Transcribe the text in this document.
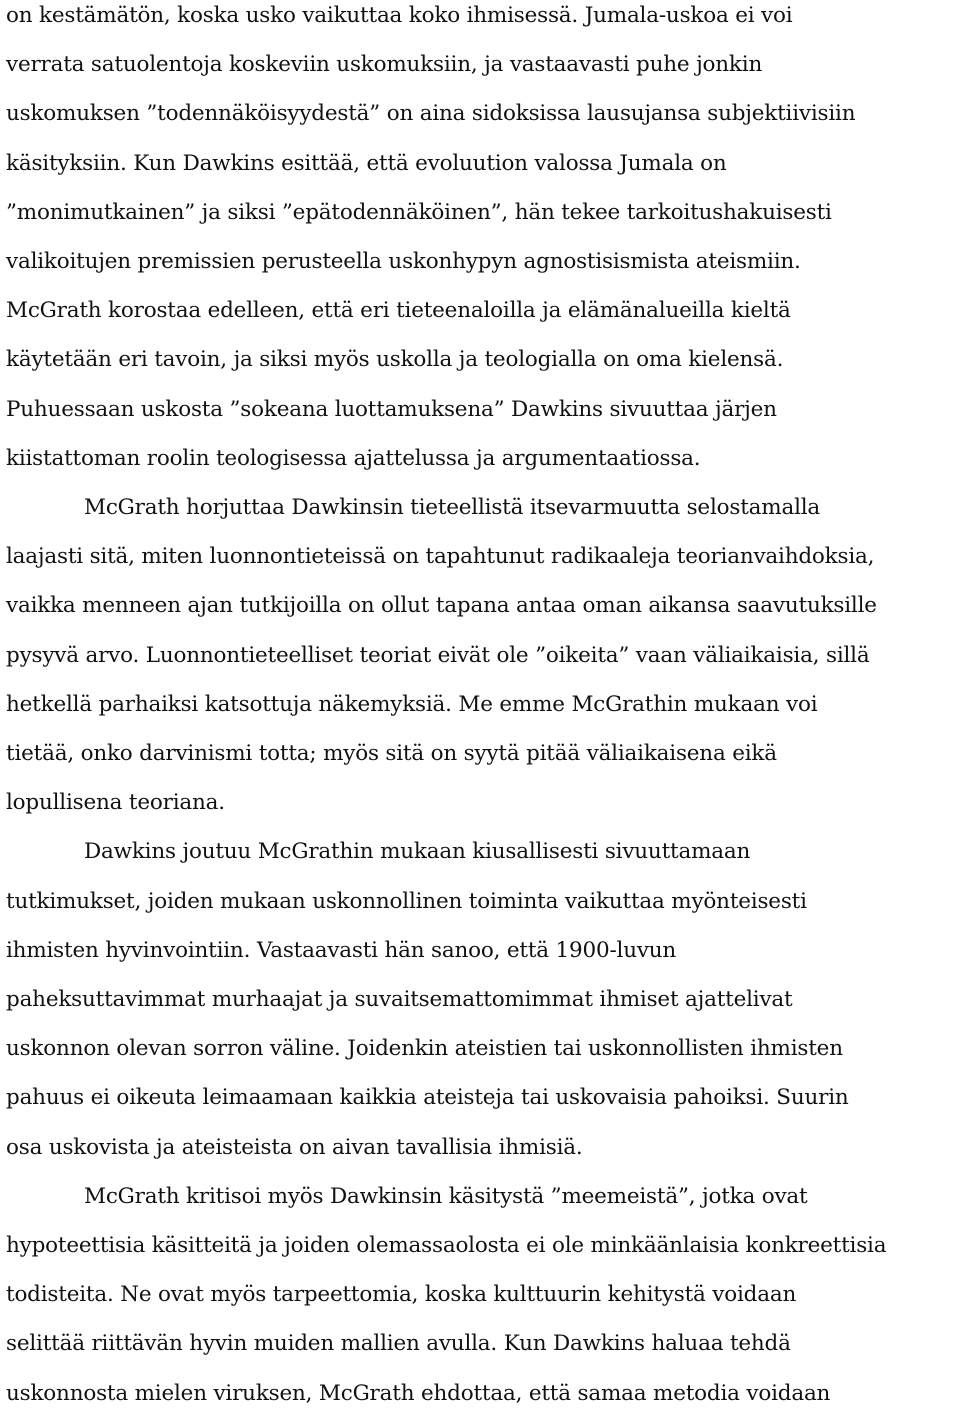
on kestämätön, koska usko vaikuttaa koko ihmisessä. Jumala-uskoa ei voi
verrata satuolentoja koskeviin uskomuksiin, ja vastaavasti puhe jonkin
uskomuksen ”todennäköisyydestä” on aina sidoksissa lausujansa subjektiivisiin
käsityksiin. Kun Dawkins esittää, että evoluution valossa Jumala on
”monimutkainen” ja siksi ”epätodennäköinen”, hän tekee tarkoitushakuisesti
valikoitujen premissien perusteella uskonhypyn agnostisismista ateismiin.
McGrath korostaa edelleen, että eri tieteenaloilla ja elämänalueilla kieltä
käytetään eri tavoin, ja siksi myös uskolla ja teologialla on oma kielensä.
Puhuessaan uskosta ”sokeana luottamuksena” Dawkins sivuuttaa järjen
kiistattoman roolin teologisessa ajattelussa ja argumentaatiossa.

McGrath horjuttaa Dawkinsin tieteellistä itsevarmuutta selostamalla
laajasti sitä, miten luonnontieteissä on tapahtunut radikaaleja teorianvaihdoksia,
vaikka menneen ajan tutkijoilla on ollut tapana antaa oman aikansa saavutuksille
pysyvä arvo. Luonnontieteelliset teoriat eivät ole ”oikeita” vaan väliaikaisia, sillä
hetkellä parhaiksi katsottuja näkemyksiä. Me emme McGrathin mukaan voi
tietää, onko darvinismi totta; myös sitä on syytä pitää väliaikaisena eikä
lopullisena teoriana.

Dawkins joutuu McGrathin mukaan kiusallisesti sivuuttamaan
tutkimukset, joiden mukaan uskonnollinen toiminta vaikuttaa myönteisesti
ihmisten hyvinvointiin. Vastaavasti hän sanoo, että 1900-luvun
paheksuttavimmat murhaajat ja suvaitsemattomimmat ihmiset ajattelivat
uskonnon olevan sorron väline. Joidenkin ateistien tai uskonnollisten ihmisten
pahuus ei oikeuta leimaamaan kaikkia ateisteja tai uskovaisia pahoiksi. Suurin
osa uskovista ja ateisteista on aivan tavallisia ihmisiä.

McGrath kritisoi myös Dawkinsin käsitystä ”meemeistä”, jotka ovat
hypoteettisia käsitteitä ja joiden olemassaolosta ei ole minkäänlaisia konkreettisia
todisteita. Ne ovat myös tarpeettomia, koska kulttuurin kehitystä voidaan
selittää riittävän hyvin muiden mallien avulla. Kun Dawkins haluaa tehdä
uskonnosta mielen viruksen, McGrath ehdottaa, että samaa metodia voidaan
